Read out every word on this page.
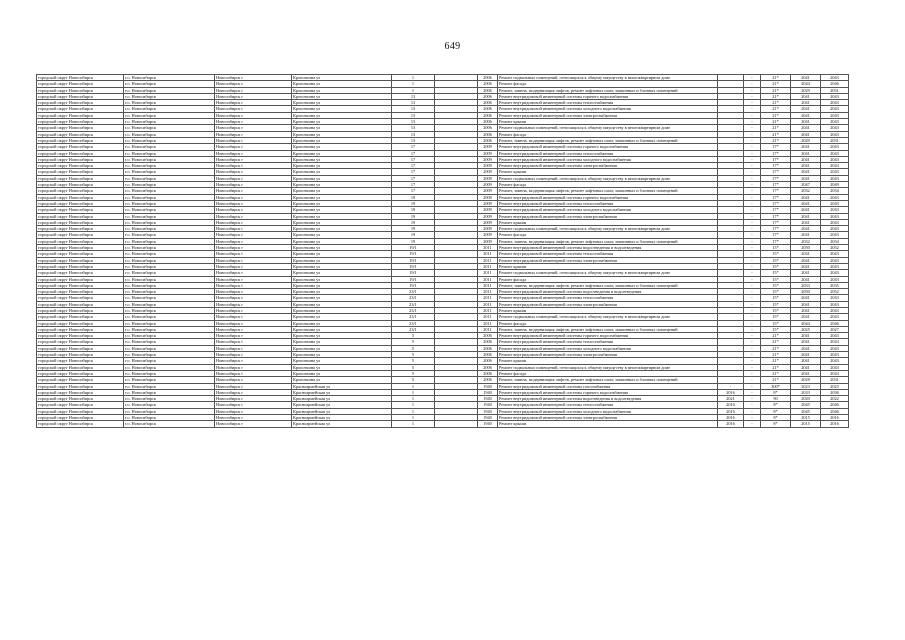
649
городской округ Новосибирск	г.о. Новосибирск	Новосибирск г	Кропоткина ул	1		2006	Ремонт подвальных помещений, относящихся к общему имуществу в многоквартирном доме		-	21*	2041	2043
городской округ Новосибирск	г.о. Новосибирск	Новосибирск г	Кропоткина ул	1		2006	Ремонт фасада		-	21*	2044	2046
городской округ Новосибирск	г.о. Новосибирск	Новосибирск г	Кропоткина ул	1		2006	Ремонт, замена, модернизация лифтов, ремонт лифтовых шахт, машинных и блочных помещений		-	21*	2029	2031
городской округ Новосибирск	г.о. Новосибирск	Новосибирск г	Кропоткина ул	13		2006	Ремонт внутридомовой инженерной системы горячего водоснабжения		-	21*	2041	2043
городской округ Новосибирск	г.о. Новосибирск	Новосибирск г	Кропоткина ул	13		2006	Ремонт внутридомовой инженерной системы теплоснабжения		-	21*	2041	2043
городской округ Новосибирск	г.о. Новосибирск	Новосибирск г	Кропоткина ул	13		2006	Ремонт внутридомовой инженерной системы холодного водоснабжения		-	21*	2041	2043
городской округ Новосибирск	г.о. Новосибирск	Новосибирск г	Кропоткина ул	13		2006	Ремонт внутридомовой инженерной системы электроснабжения		-	21*	2041	2043
городской округ Новосибирск	г.о. Новосибирск	Новосибирск г	Кропоткина ул	13		2006	Ремонт крыши		-	21*	2041	2043
городской округ Новосибирск	г.о. Новосибирск	Новосибирск г	Кропоткина ул	13		2006	Ремонт подвальных помещений, относящихся к общему имуществу в многоквартирном доме		-	21*	2041	2043
городской округ Новосибирск	г.о. Новосибирск	Новосибирск г	Кропоткина ул	13		2006	Ремонт фасада		-	21*	2041	2043
городской округ Новосибирск	г.о. Новосибирск	Новосибирск г	Кропоткина ул	13		2006	Ремонт, замена, модернизация лифтов, ремонт лифтовых шахт, машинных и блочных помещений		-	21*	2029	2031
городской округ Новосибирск	г.о. Новосибирск	Новосибирск г	Кропоткина ул	17		2009	Ремонт внутридомовой инженерной системы горячего водоснабжения		-	17*	2041	2043
городской округ Новосибирск	г.о. Новосибирск	Новосибирск г	Кропоткина ул	17		2009	Ремонт внутридомовой инженерной системы теплоснабжения		-	17*	2041	2043
городской округ Новосибирск	г.о. Новосибирск	Новосибирск г	Кропоткина ул	17		2009	Ремонт внутридомовой инженерной системы холодного водоснабжения		-	17*	2041	2043
городской округ Новосибирск	г.о. Новосибирск	Новосибирск г	Кропоткина ул	17		2009	Ремонт внутридомовой инженерной системы электроснабжения		-	17*	2041	2043
городской округ Новосибирск	г.о. Новосибирск	Новосибирск г	Кропоткина ул	17		2009	Ремонт крыши		-	17*	2041	2043
городской округ Новосибирск	г.о. Новосибирск	Новосибирск г	Кропоткина ул	17		2009	Ремонт подвальных помещений, относящихся к общему имуществу в многоквартирном доме		-	17*	2041	2043
городской округ Новосибирск	г.о. Новосибирск	Новосибирск г	Кропоткина ул	17		2009	Ремонт фасада		-	17*	2047	2049
городской округ Новосибирск	г.о. Новосибирск	Новосибирск г	Кропоткина ул	17		2009	Ремонт, замена, модернизация лифтов, ремонт лифтовых шахт, машинных и блочных помещений		-	17*	2032	2034
городской округ Новосибирск	г.о. Новосибирск	Новосибирск г	Кропоткина ул	19		2009	Ремонт внутридомовой инженерной системы горячего водоснабжения		-	17*	2041	2043
городской округ Новосибирск	г.о. Новосибирск	Новосибирск г	Кропоткина ул	19		2009	Ремонт внутридомовой инженерной системы теплоснабжения		-	17*	2041	2043
городской округ Новосибирск	г.о. Новосибирск	Новосибирск г	Кропоткина ул	19		2009	Ремонт внутридомовой инженерной системы холодного водоснабжения		-	17*	2041	2043
городской округ Новосибирск	г.о. Новосибирск	Новосибирск г	Кропоткина ул	19		2009	Ремонт внутридомовой инженерной системы электроснабжения		-	17*	2041	2043
городской округ Новосибирск	г.о. Новосибирск	Новосибирск г	Кропоткина ул	19		2009	Ремонт крыши		-	17*	2041	2043
городской округ Новосибирск	г.о. Новосибирск	Новосибирск г	Кропоткина ул	19		2009	Ремонт подвальных помещений, относящихся к общему имуществу в многоквартирном доме		-	17*	2041	2043
городской округ Новосибирск	г.о. Новосибирск	Новосибирск г	Кропоткина ул	19		2009	Ремонт фасада		-	17*	2041	2043
городской округ Новосибирск	г.о. Новосибирск	Новосибирск г	Кропоткина ул	19		2009	Ремонт, замена, модернизация лифтов, ремонт лифтовых шахт, машинных и блочных помещений		-	17*	2032	2034
городской округ Новосибирск	г.о. Новосибирск	Новосибирск г	Кропоткина ул	19/1		2011	Ремонт внутридомовой инженерной системы водоотведения и водоотведения		-	15*	2050	2052
городской округ Новосибирск	г.о. Новосибирск	Новосибирск г	Кропоткина ул	19/1		2011	Ремонт внутридомовой инженерной системы теплоснабжения		-	15*	2041	2043
городской округ Новосибирск	г.о. Новосибирск	Новосибирск г	Кропоткина ул	19/1		2011	Ремонт внутридомовой инженерной системы электроснабжения		-	15*	2041	2043
городской округ Новосибирск	г.о. Новосибирск	Новосибирск г	Кропоткина ул	19/1		2011	Ремонт крыши		-	15*	2041	2043
городской округ Новосибирск	г.о. Новосибирск	Новосибирск г	Кропоткина ул	19/1		2011	Ремонт подвальных помещений, относящихся к общему имуществу в многоквартирном доме		-	15*	2041	2043
городской округ Новосибирск	г.о. Новосибирск	Новосибирск г	Кропоткина ул	19/1		2011	Ремонт фасада		-	15*	2041	2043
городской округ Новосибирск	г.о. Новосибирск	Новосибирск г	Кропоткина ул	19/1		2011	Ремонт, замена, модернизация лифтов, ремонт лифтовых шахт, машинных и блочных помещений		-	15*	2033	2035
городской округ Новосибирск	г.о. Новосибирск	Новосибирск г	Кропоткина ул	23/1		2011	Ремонт внутридомовой инженерной системы водоотведения и водоотведения		-	15*	2050	2052
городской округ Новосибирск	г.о. Новосибирск	Новосибирск г	Кропоткина ул	23/1		2011	Ремонт внутридомовой инженерной системы теплоснабжения		-	15*	2041	2043
городской округ Новосибирск	г.о. Новосибирск	Новосибирск г	Кропоткина ул	23/1		2011	Ремонт внутридомовой инженерной системы электроснабжения		-	15*	2041	2043
городской округ Новосибирск	г.о. Новосибирск	Новосибирск г	Кропоткина ул	23/1		2011	Ремонт крыши		-	15*	2041	2043
городской округ Новосибирск	г.о. Новосибирск	Новосибирск г	Кропоткина ул	23/1		2011	Ремонт подвальных помещений, относящихся к общему имуществу в многоквартирном доме		-	15*	2041	2043
городской округ Новосибирск	г.о. Новосибирск	Новосибирск г	Кропоткина ул	23/1		2011	Ремонт фасада		-	15*	2044	2046
городской округ Новосибирск	г.о. Новосибирск	Новосибирск г	Кропоткина ул	23/1		2011	Ремонт, замена, модернизация лифтов, ремонт лифтовых шахт, машинных и блочных помещений		-	15*	2025	2027
городской округ Новосибирск	г.о. Новосибирск	Новосибирск г	Кропоткина ул	5		2006	Ремонт внутридомовой инженерной системы горячего водоснабжения		-	21*	2041	2043
городской округ Новосибирск	г.о. Новосибирск	Новосибирск г	Кропоткина ул	5		2006	Ремонт внутридомовой инженерной системы теплоснабжения		-	21*	2041	2043
городской округ Новосибирск	г.о. Новосибирск	Новосибирск г	Кропоткина ул	5		2006	Ремонт внутридомовой инженерной системы холодного водоснабжения		-	21*	2041	2043
городской округ Новосибирск	г.о. Новосибирск	Новосибирск г	Кропоткина ул	5		2006	Ремонт внутридомовой инженерной системы электроснабжения		-	21*	2041	2043
городской округ Новосибирск	г.о. Новосибирск	Новосибирск г	Кропоткина ул	5		2006	Ремонт крыши		-	21*	2041	2043
городской округ Новосибирск	г.о. Новосибирск	Новосибирск г	Кропоткина ул	5		2006	Ремонт подвальных помещений, относящихся к общему имуществу в многоквартирном доме		-	21*	2041	2043
городской округ Новосибирск	г.о. Новосибирск	Новосибирск г	Кропоткина ул	5		2006	Ремонт фасада		-	21*	2041	2043
городской округ Новосибирск	г.о. Новосибирск	Новосибирск г	Кропоткина ул	5		2006	Ремонт, замена, модернизация лифтов, ремонт лифтовых шахт, машинных и блочных помещений		-	21*	2028	2031
городской округ Новосибирск	г.о. Новосибирск	Новосибирск г	Красноармейская ул	1		1940	Ремонт внутридомовой инженерной системы газоснабжения	-	-	300*	2023	2025
городской округ Новосибирск	г.о. Новосибирск	Новосибирск г	Красноармейская ул	1		1940	Ремонт внутридомовой инженерной системы горячего водоснабжения	2016	-	8*	2033	2036
городской округ Новосибирск	г.о. Новосибирск	Новосибирск г	Красноармейская ул	1		1940	Ремонт внутридомовой инженерной системы водоотведения и водоотведения	2021	-	90	2020	2022
городской округ Новосибирск	г.о. Новосибирск	Новосибирск г	Красноармейская ул	1		1940	Ремонт внутридомовой инженерной системы теплоснабжения	2016	-	8*	2045	2046
городской округ Новосибирск	г.о. Новосибирск	Новосибирск г	Красноармейская ул	1		1940	Ремонт внутридомовой инженерной системы холодного водоснабжения	2016	-	8*	2045	2046
городской округ Новосибирск	г.о. Новосибирск	Новосибирск г	Красноармейская ул	1		1940	Ремонт внутридомовой инженерной системы электроснабжения	2016	-	8*	2015	2016
городской округ Новосибирск	г.о. Новосибирск	Новосибирск г	Красноармейская ул	1		1940	Ремонт крыши	2016	-	8*	2015	2016
